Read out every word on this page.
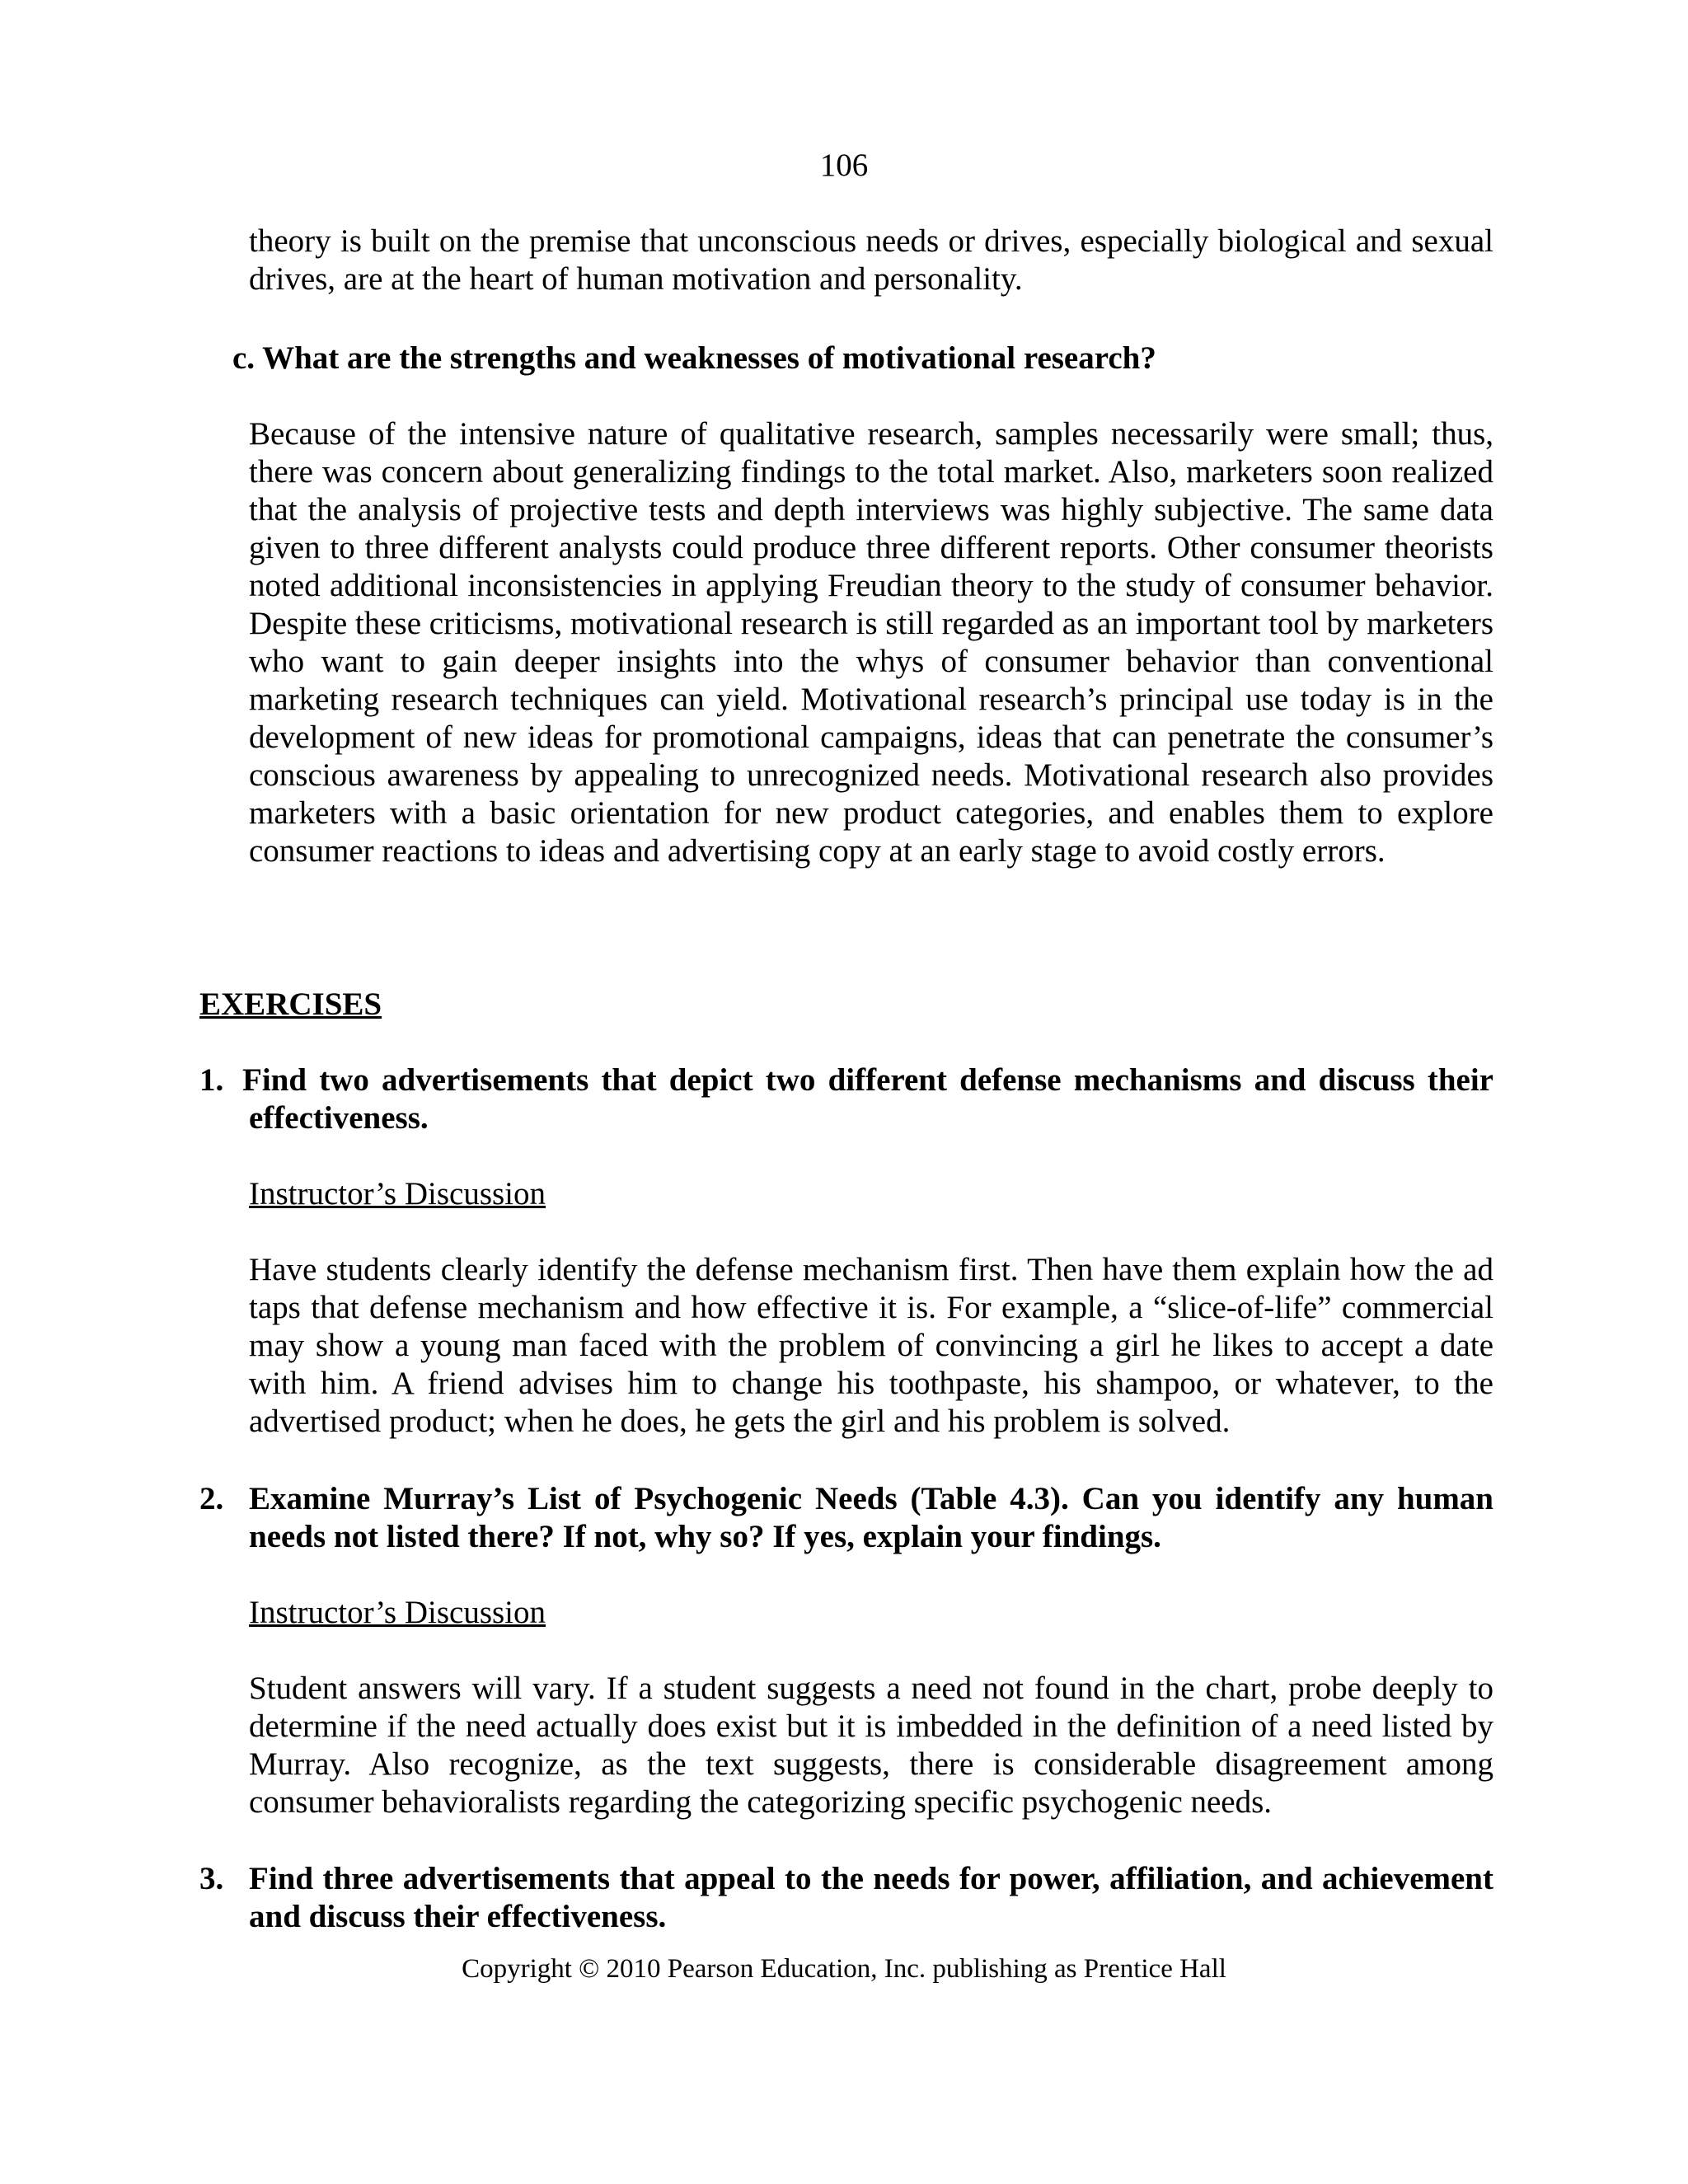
106

theory is built on the premise that unconscious needs or drives, especially biological and sexual drives, are at the heart of human motivation and personality.

c. What are the strengths and weaknesses of motivational research?

Because of the intensive nature of qualitative research, samples necessarily were small; thus, there was concern about generalizing findings to the total market. Also, marketers soon realized that the analysis of projective tests and depth interviews was highly subjective. The same data given to three different analysts could produce three different reports. Other consumer theorists noted additional inconsistencies in applying Freudian theory to the study of consumer behavior. Despite these criticisms, motivational research is still regarded as an important tool by marketers who want to gain deeper insights into the whys of consumer behavior than conventional marketing research techniques can yield. Motivational research’s principal use today is in the development of new ideas for promotional campaigns, ideas that can penetrate the consumer’s conscious awareness by appealing to unrecognized needs. Motivational research also provides marketers with a basic orientation for new product categories, and enables them to explore consumer reactions to ideas and advertising copy at an early stage to avoid costly errors.

EXERCISES
1. Find two advertisements that depict two different defense mechanisms and discuss their effectiveness.
Instructor’s Discussion

Have students clearly identify the defense mechanism first. Then have them explain how the ad taps that defense mechanism and how effective it is. For example, a “slice-of-life” commercial may show a young man faced with the problem of convincing a girl he likes to accept a date with him. A friend advises him to change his toothpaste, his shampoo, or whatever, to the advertised product; when he does, he gets the girl and his problem is solved.

2. Examine Murray’s List of Psychogenic Needs (Table 4.3). Can you identify any human needs not listed there? If not, why so? If yes, explain your findings.
Instructor’s Discussion

Student answers will vary. If a student suggests a need not found in the chart, probe deeply to determine if the need actually does exist but it is imbedded in the definition of a need listed by Murray. Also recognize, as the text suggests, there is considerable disagreement among consumer behavioralists regarding the categorizing specific psychogenic needs.

3. Find three advertisements that appeal to the needs for power, affiliation, and achievement and discuss their effectiveness.
Copyright © 2010 Pearson Education, Inc. publishing as Prentice Hall
